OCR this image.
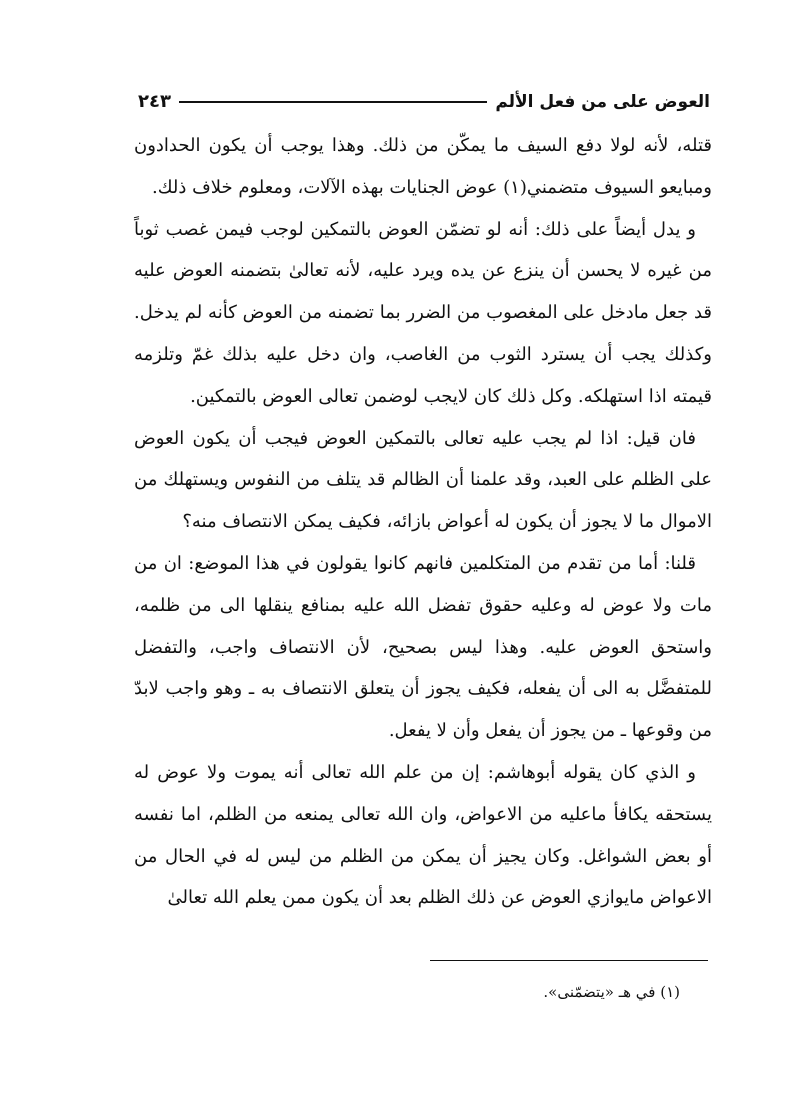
العوض على من فعل الألم
٢٤٣

قتله، لأنه لولا دفع السيف ما يمكّن من ذلك. وهذا يوجب أن يكون الحدادون ومبايعو السيوف متضمني(١) عوض الجنايات بهذه الآلات، ومعلوم خلاف ذلك.

و يدل أيضاً على ذلك: أنه لو تضمّن العوض بالتمكين لوجب فيمن غصب ثوباً من غيره لا يحسن أن ينزع عن يده ويرد عليه، لأنه تعالىٰ بتضمنه العوض عليه قد جعل مادخل على المغصوب من الضرر بما تضمنه من العوض كأنه لم يدخل. وكذلك يجب أن يسترد الثوب من الغاصب، وان دخل عليه بذلك غمّ وتلزمه قيمته اذا استهلكه. وكل ذلك كان لايجب لوضمن تعالى العوض بالتمكين.

فان قيل: اذا لم يجب عليه تعالى بالتمكين العوض فيجب أن يكون العوض على الظلم على العبد، وقد علمنا أن الظالم قد يتلف من النفوس ويستهلك من الاموال ما لا يجوز أن يكون له أعواض بازائه، فكيف يمكن الانتصاف منه؟

قلنا: أما من تقدم من المتكلمين فانهم كانوا يقولون في هذا الموضع: ان من مات ولا عوض له وعليه حقوق تفضل الله عليه بمنافع ينقلها الى من ظلمه، واستحق العوض عليه. وهذا ليس بصحيح، لأن الانتصاف واجب، والتفضل للمتفضَّل به الى أن يفعله، فكيف يجوز أن يتعلق الانتصاف به ـ وهو واجب لابدّ من وقوعها ـ من يجوز أن يفعل وأن لا يفعل.

و الذي كان يقوله أبوهاشم: إن من علم الله تعالى أنه يموت ولا عوض له يستحقه يكافأ ماعليه من الاعواض، وان الله تعالى يمنعه من الظلم، اما نفسه أو بعض الشواغل. وكان يجيز أن يمكن من الظلم من ليس له في الحال من الاعواض مايوازي العوض عن ذلك الظلم بعد أن يكون ممن يعلم الله تعالىٰ

(١) في هـ «يتضمّنى».
